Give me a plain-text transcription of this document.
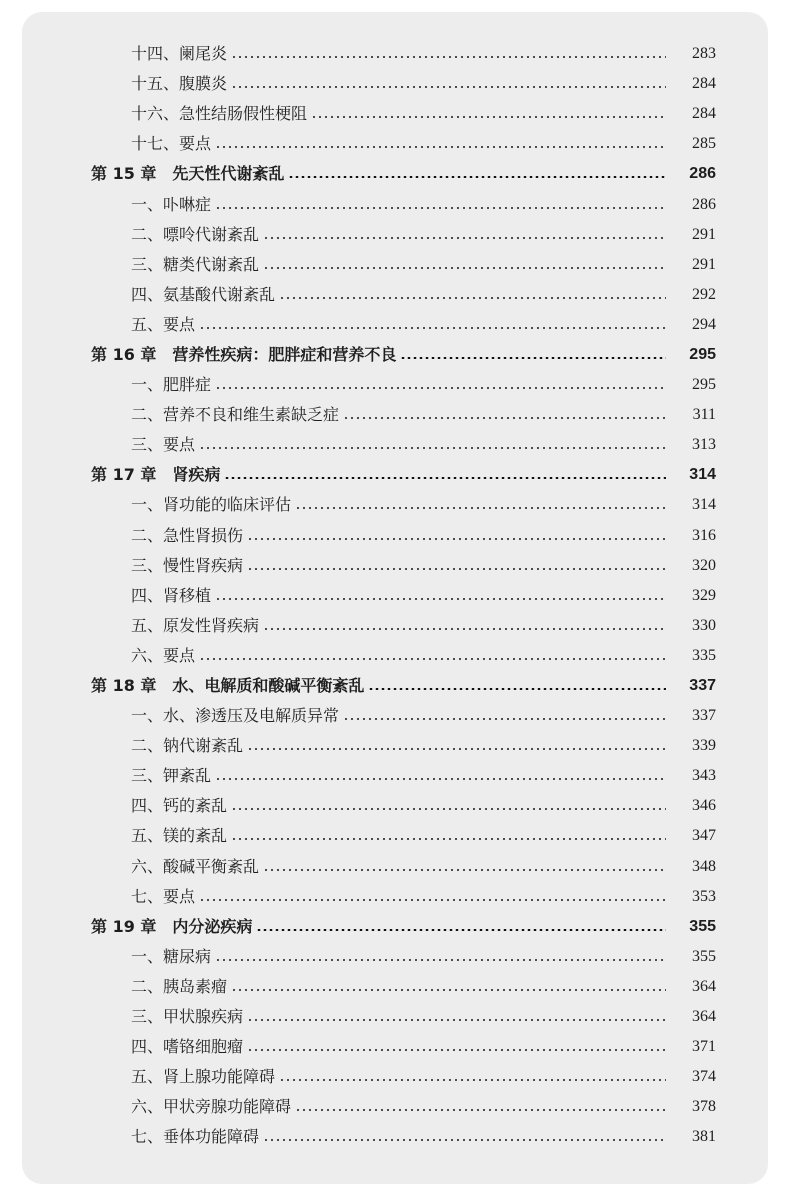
十四、阑尾炎	283
十五、腹膜炎	284
十六、急性结肠假性梗阻	284
十七、要点	285
第 15 章 先天性代谢紊乱	286
一、卟啉症	286
二、嘌呤代谢紊乱	291
三、糖类代谢紊乱	291
四、氨基酸代谢紊乱	292
五、要点	294
第 16 章 营养性疾病：肥胖症和营养不良	295
一、肥胖症	295
二、营养不良和维生素缺乏症	311
三、要点	313
第 17 章 肾疾病	314
一、肾功能的临床评估	314
二、急性肾损伤	316
三、慢性肾疾病	320
四、肾移植	329
五、原发性肾疾病	330
六、要点	335
第 18 章 水、电解质和酸碱平衡紊乱	337
一、水、渗透压及电解质异常	337
二、钠代谢紊乱	339
三、钾紊乱	343
四、钙的紊乱	346
五、镁的紊乱	347
六、酸碱平衡紊乱	348
七、要点	353
第 19 章 内分泌疾病	355
一、糖尿病	355
二、胰岛素瘤	364
三、甲状腺疾病	364
四、嗜铬细胞瘤	371
五、肾上腺功能障碍	374
六、甲状旁腺功能障碍	378
七、垂体功能障碍	381
